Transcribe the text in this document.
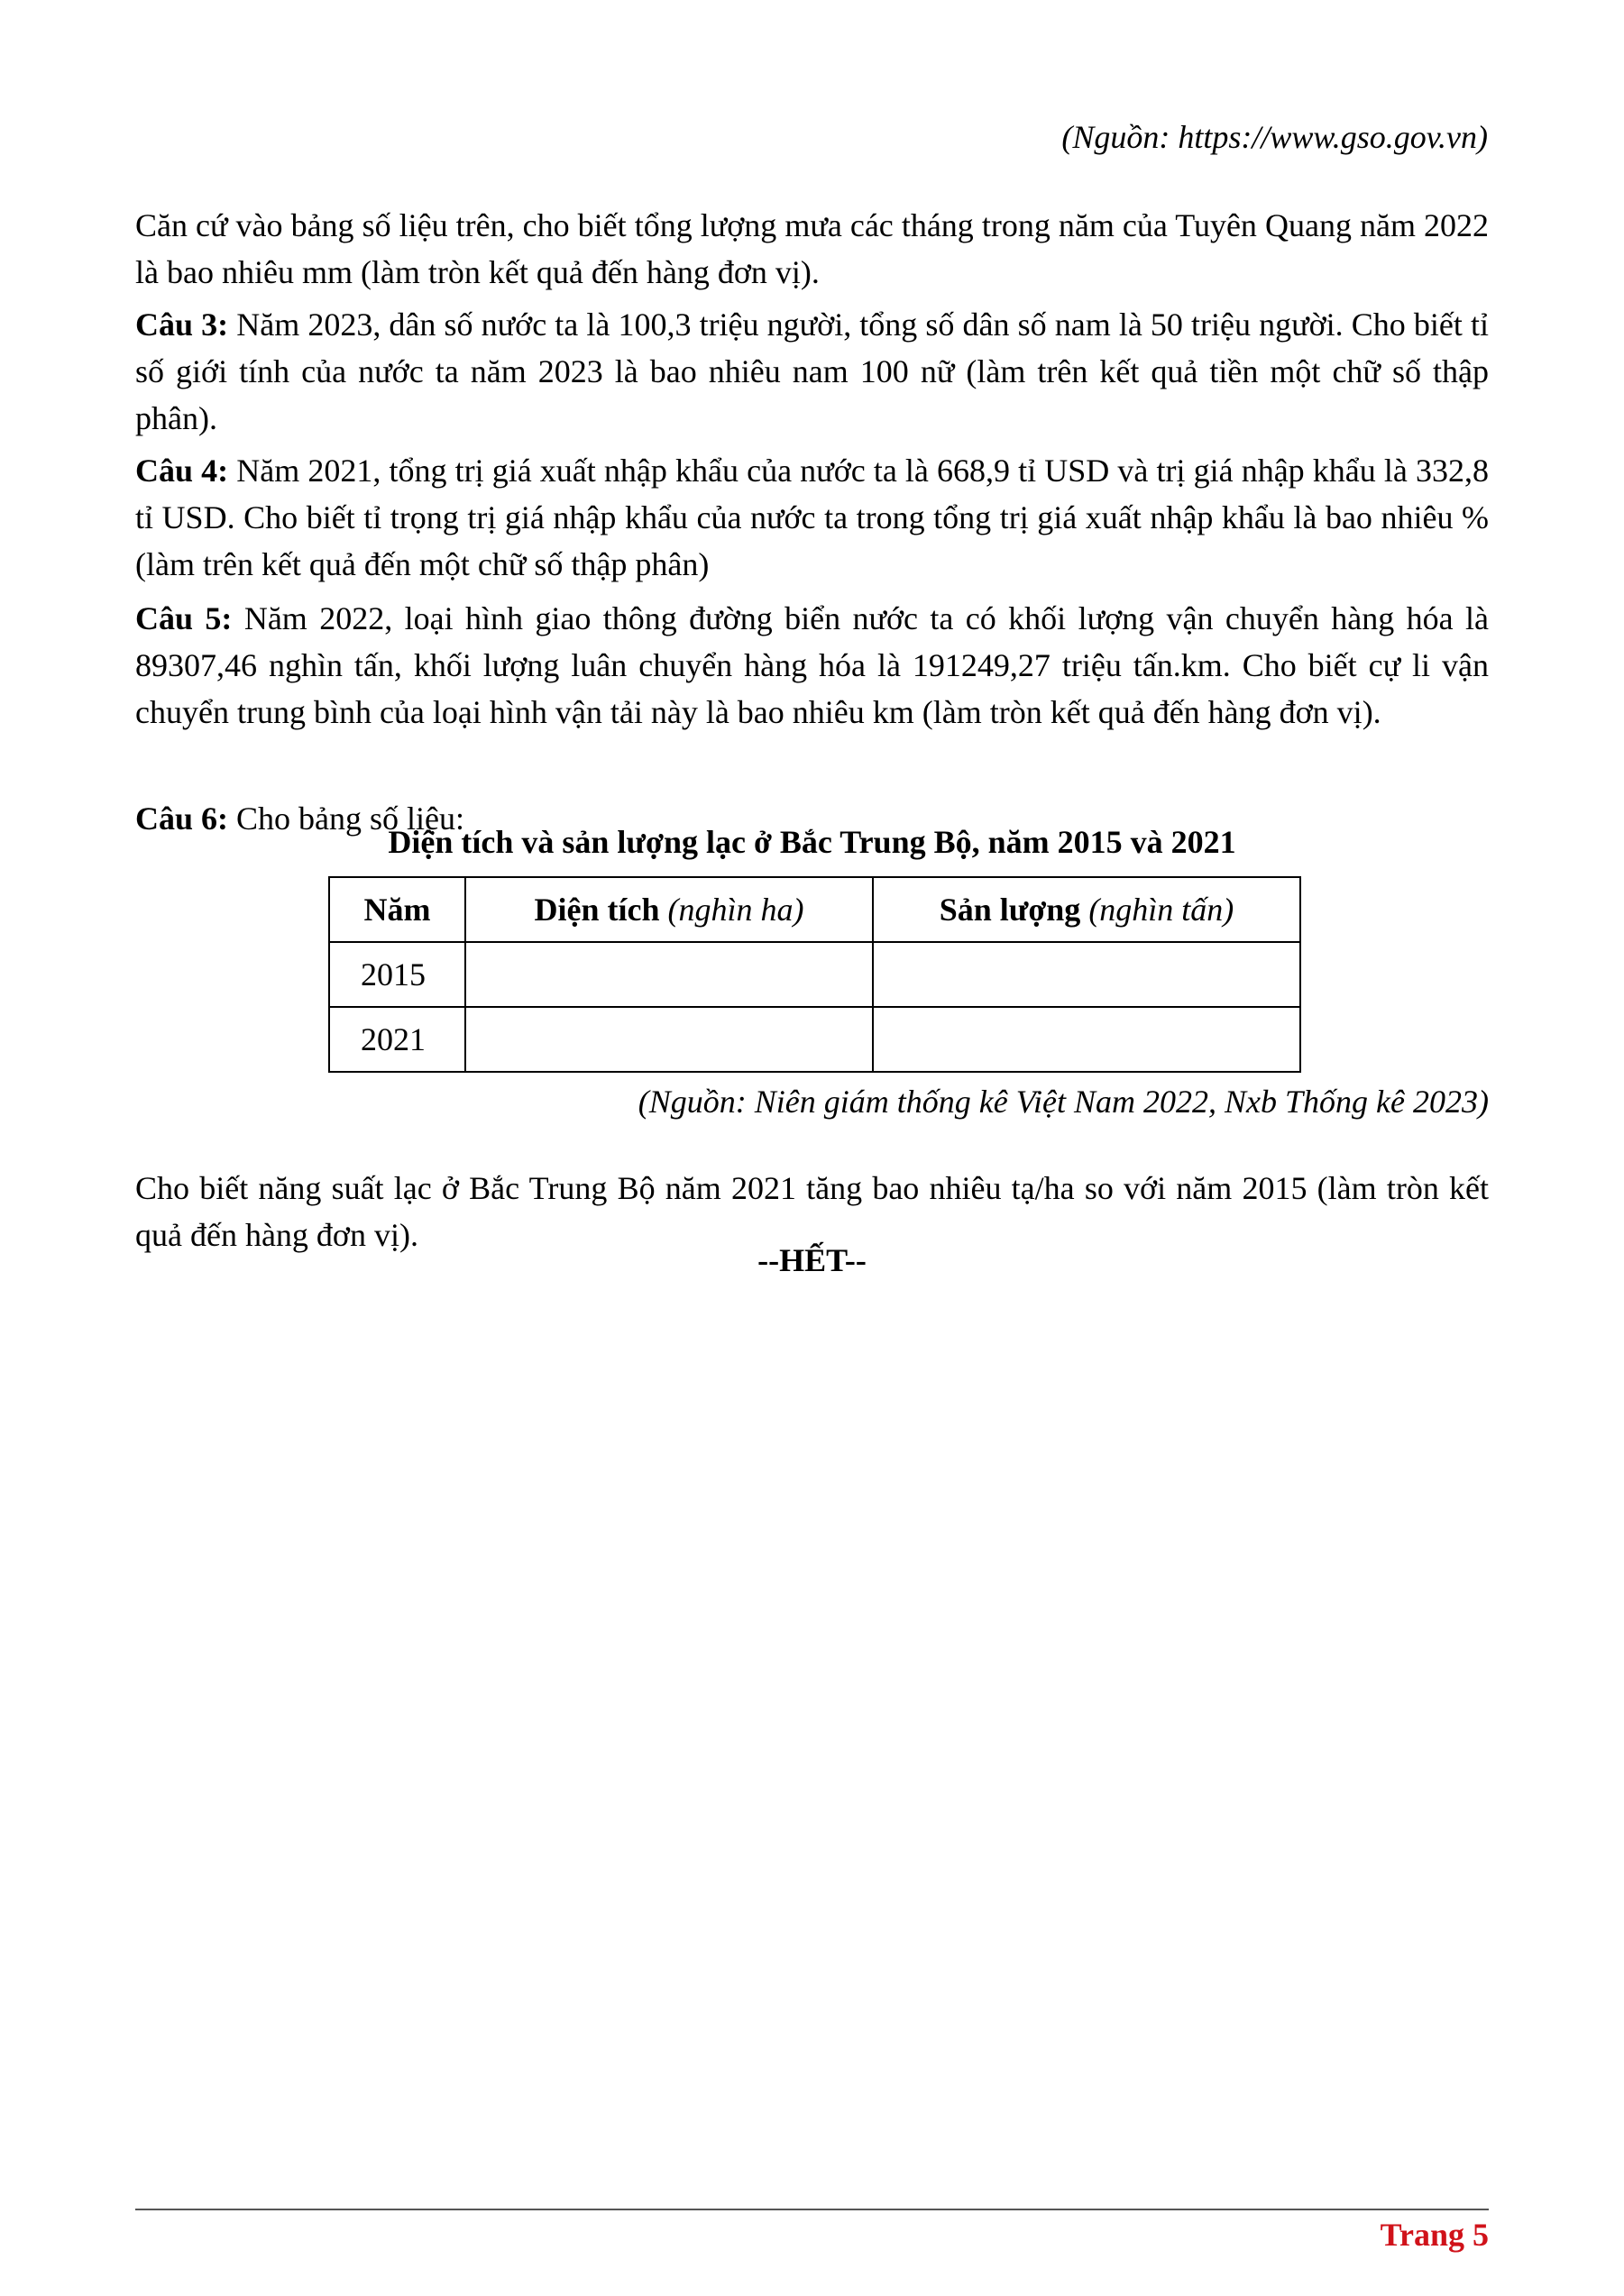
(Nguồn: https://www.gso.gov.vn)

Căn cứ vào bảng số liệu trên, cho biết tổng lượng mưa các tháng trong năm của Tuyên Quang năm 2022 là bao nhiêu mm (làm tròn kết quả đến hàng đơn vị).

Câu 3: Năm 2023, dân số nước ta là 100,3 triệu người, tổng số dân số nam là 50 triệu người. Cho biết tỉ số giới tính của nước ta năm 2023 là bao nhiêu nam 100 nữ (làm trên kết quả tiền một chữ số thập phân).

Câu 4: Năm 2021, tổng trị giá xuất nhập khẩu của nước ta là 668,9 tỉ USD và trị giá nhập khẩu là 332,8 tỉ USD. Cho biết tỉ trọng trị giá nhập khẩu của nước ta trong tổng trị giá xuất nhập khẩu là bao nhiêu % (làm trên kết quả đến một chữ số thập phân)

Câu 5: Năm 2022, loại hình giao thông đường biển nước ta có khối lượng vận chuyển hàng hóa là 89307,46 nghìn tấn, khối lượng luân chuyển hàng hóa là 191249,27 triệu tấn.km. Cho biết cự li vận chuyển trung bình của loại hình vận tải này là bao nhiêu km (làm tròn kết quả đến hàng đơn vị).

Câu 6: Cho bảng số liệu:

Diện tích và sản lượng lạc ở Bắc Trung Bộ, năm 2015 và 2021
Năm	Diện tích (nghìn ha)	Sản lượng (nghìn tấn)
2015		
2021		
(Nguồn: Niên giám thống kê Việt Nam 2022, Nxb Thống kê 2023)

Cho biết năng suất lạc ở Bắc Trung Bộ năm 2021 tăng bao nhiêu tạ/ha so với năm 2015 (làm tròn kết quả đến hàng đơn vị).

--HẾT--
Trang 5
